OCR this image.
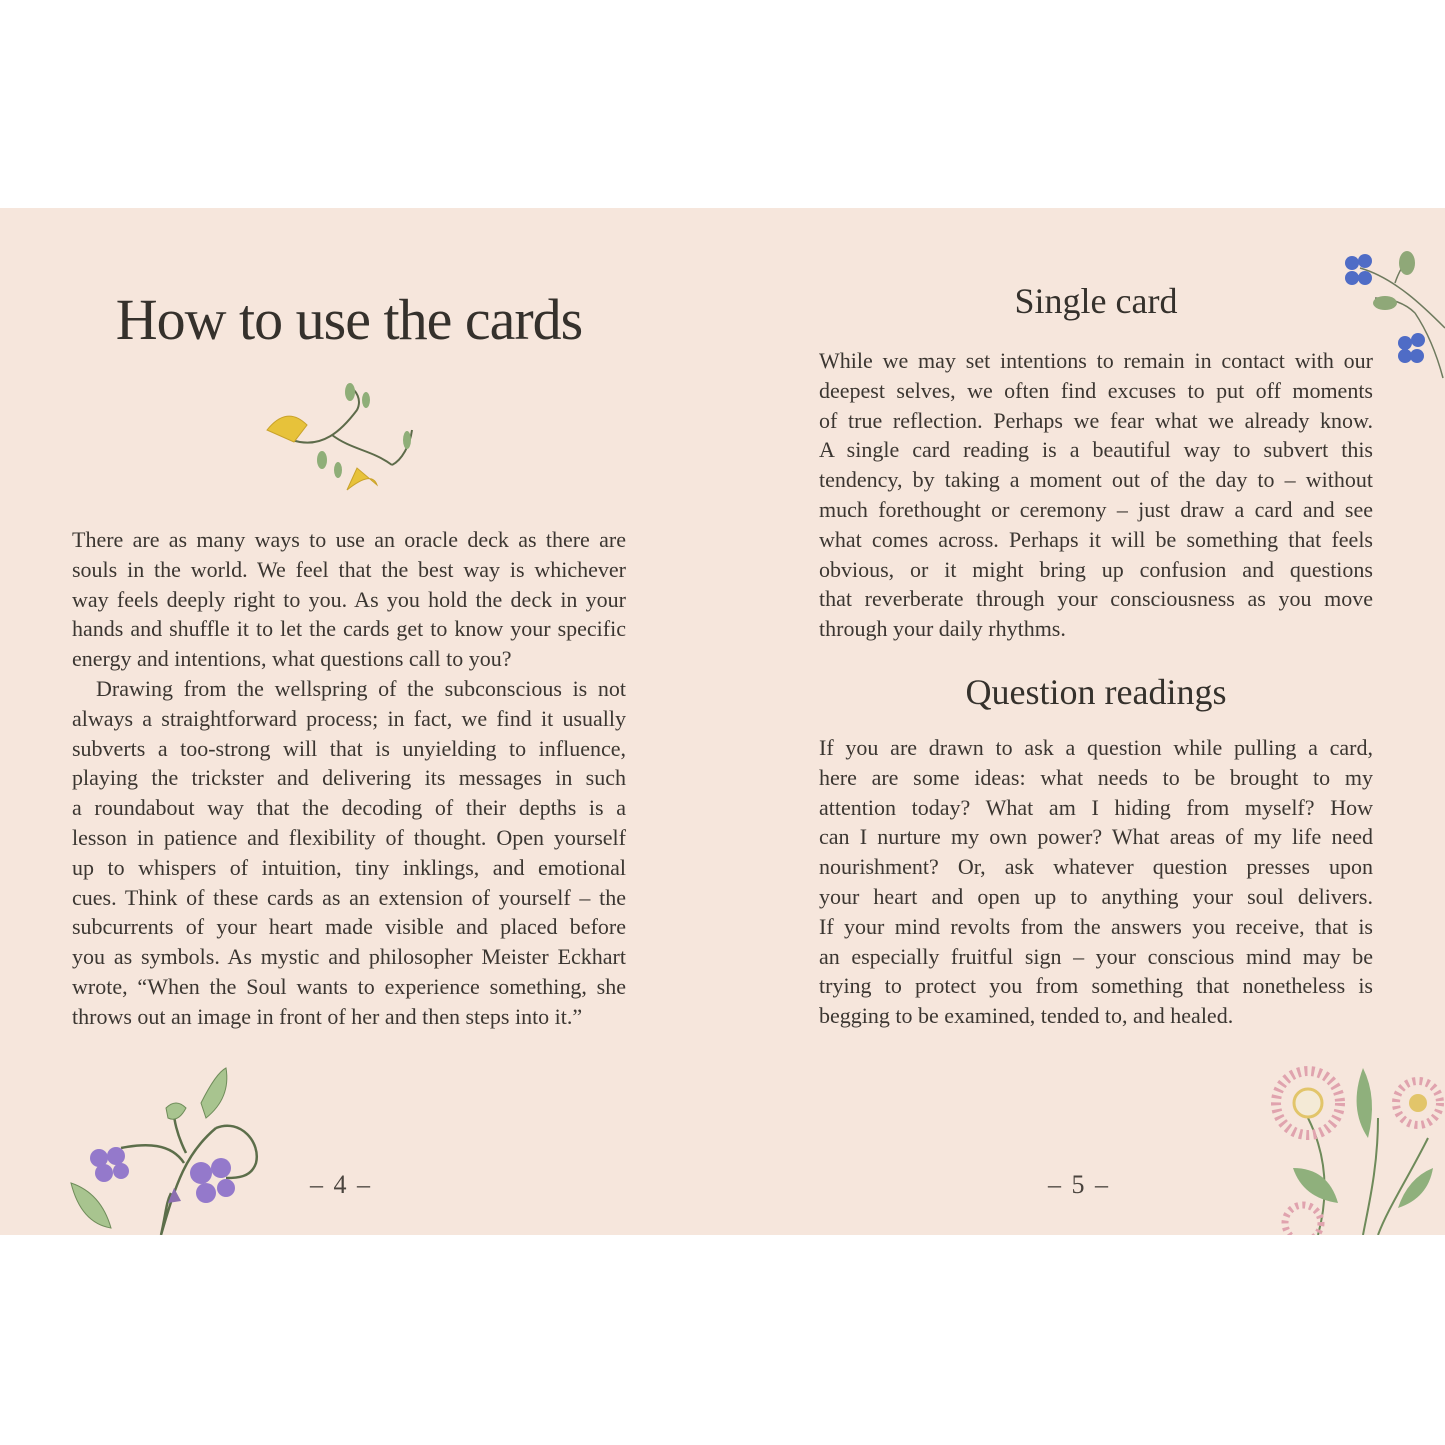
How to use the cards
There are as many ways to use an oracle deck as there are
souls in the world. We feel that the best way is whichever
way feels deeply right to you. As you hold the deck in your
hands and shuffle it to let the cards get to know your specific
energy and intentions, what questions call to you?
Drawing from the wellspring of the subconscious is not
always a straightforward process; in fact, we find it usually
subverts a too-strong will that is unyielding to influence,
playing the trickster and delivering its messages in such
a roundabout way that the decoding of their depths is a
lesson in patience and flexibility of thought. Open yourself
up to whispers of intuition, tiny inklings, and emotional
cues. Think of these cards as an extension of yourself – the
subcurrents of your heart made visible and placed before
you as symbols. As mystic and philosopher Meister Eckhart
wrote, “When the Soul wants to experience something, she
throws out an image in front of her and then steps into it.”
– 4 –
Single card
While we may set intentions to remain in contact with our
deepest selves, we often find excuses to put off moments
of true reflection. Perhaps we fear what we already know.
A single card reading is a beautiful way to subvert this
tendency, by taking a moment out of the day to – without
much forethought or ceremony – just draw a card and see
what comes across. Perhaps it will be something that feels
obvious, or it might bring up confusion and questions
that reverberate through your consciousness as you move
through your daily rhythms.
Question readings
If you are drawn to ask a question while pulling a card,
here are some ideas: what needs to be brought to my
attention today? What am I hiding from myself? How
can I nurture my own power? What areas of my life need
nourishment? Or, ask whatever question presses upon
your heart and open up to anything your soul delivers.
If your mind revolts from the answers you receive, that is
an especially fruitful sign – your conscious mind may be
trying to protect you from something that nonetheless is
begging to be examined, tended to, and healed.
– 5 –
